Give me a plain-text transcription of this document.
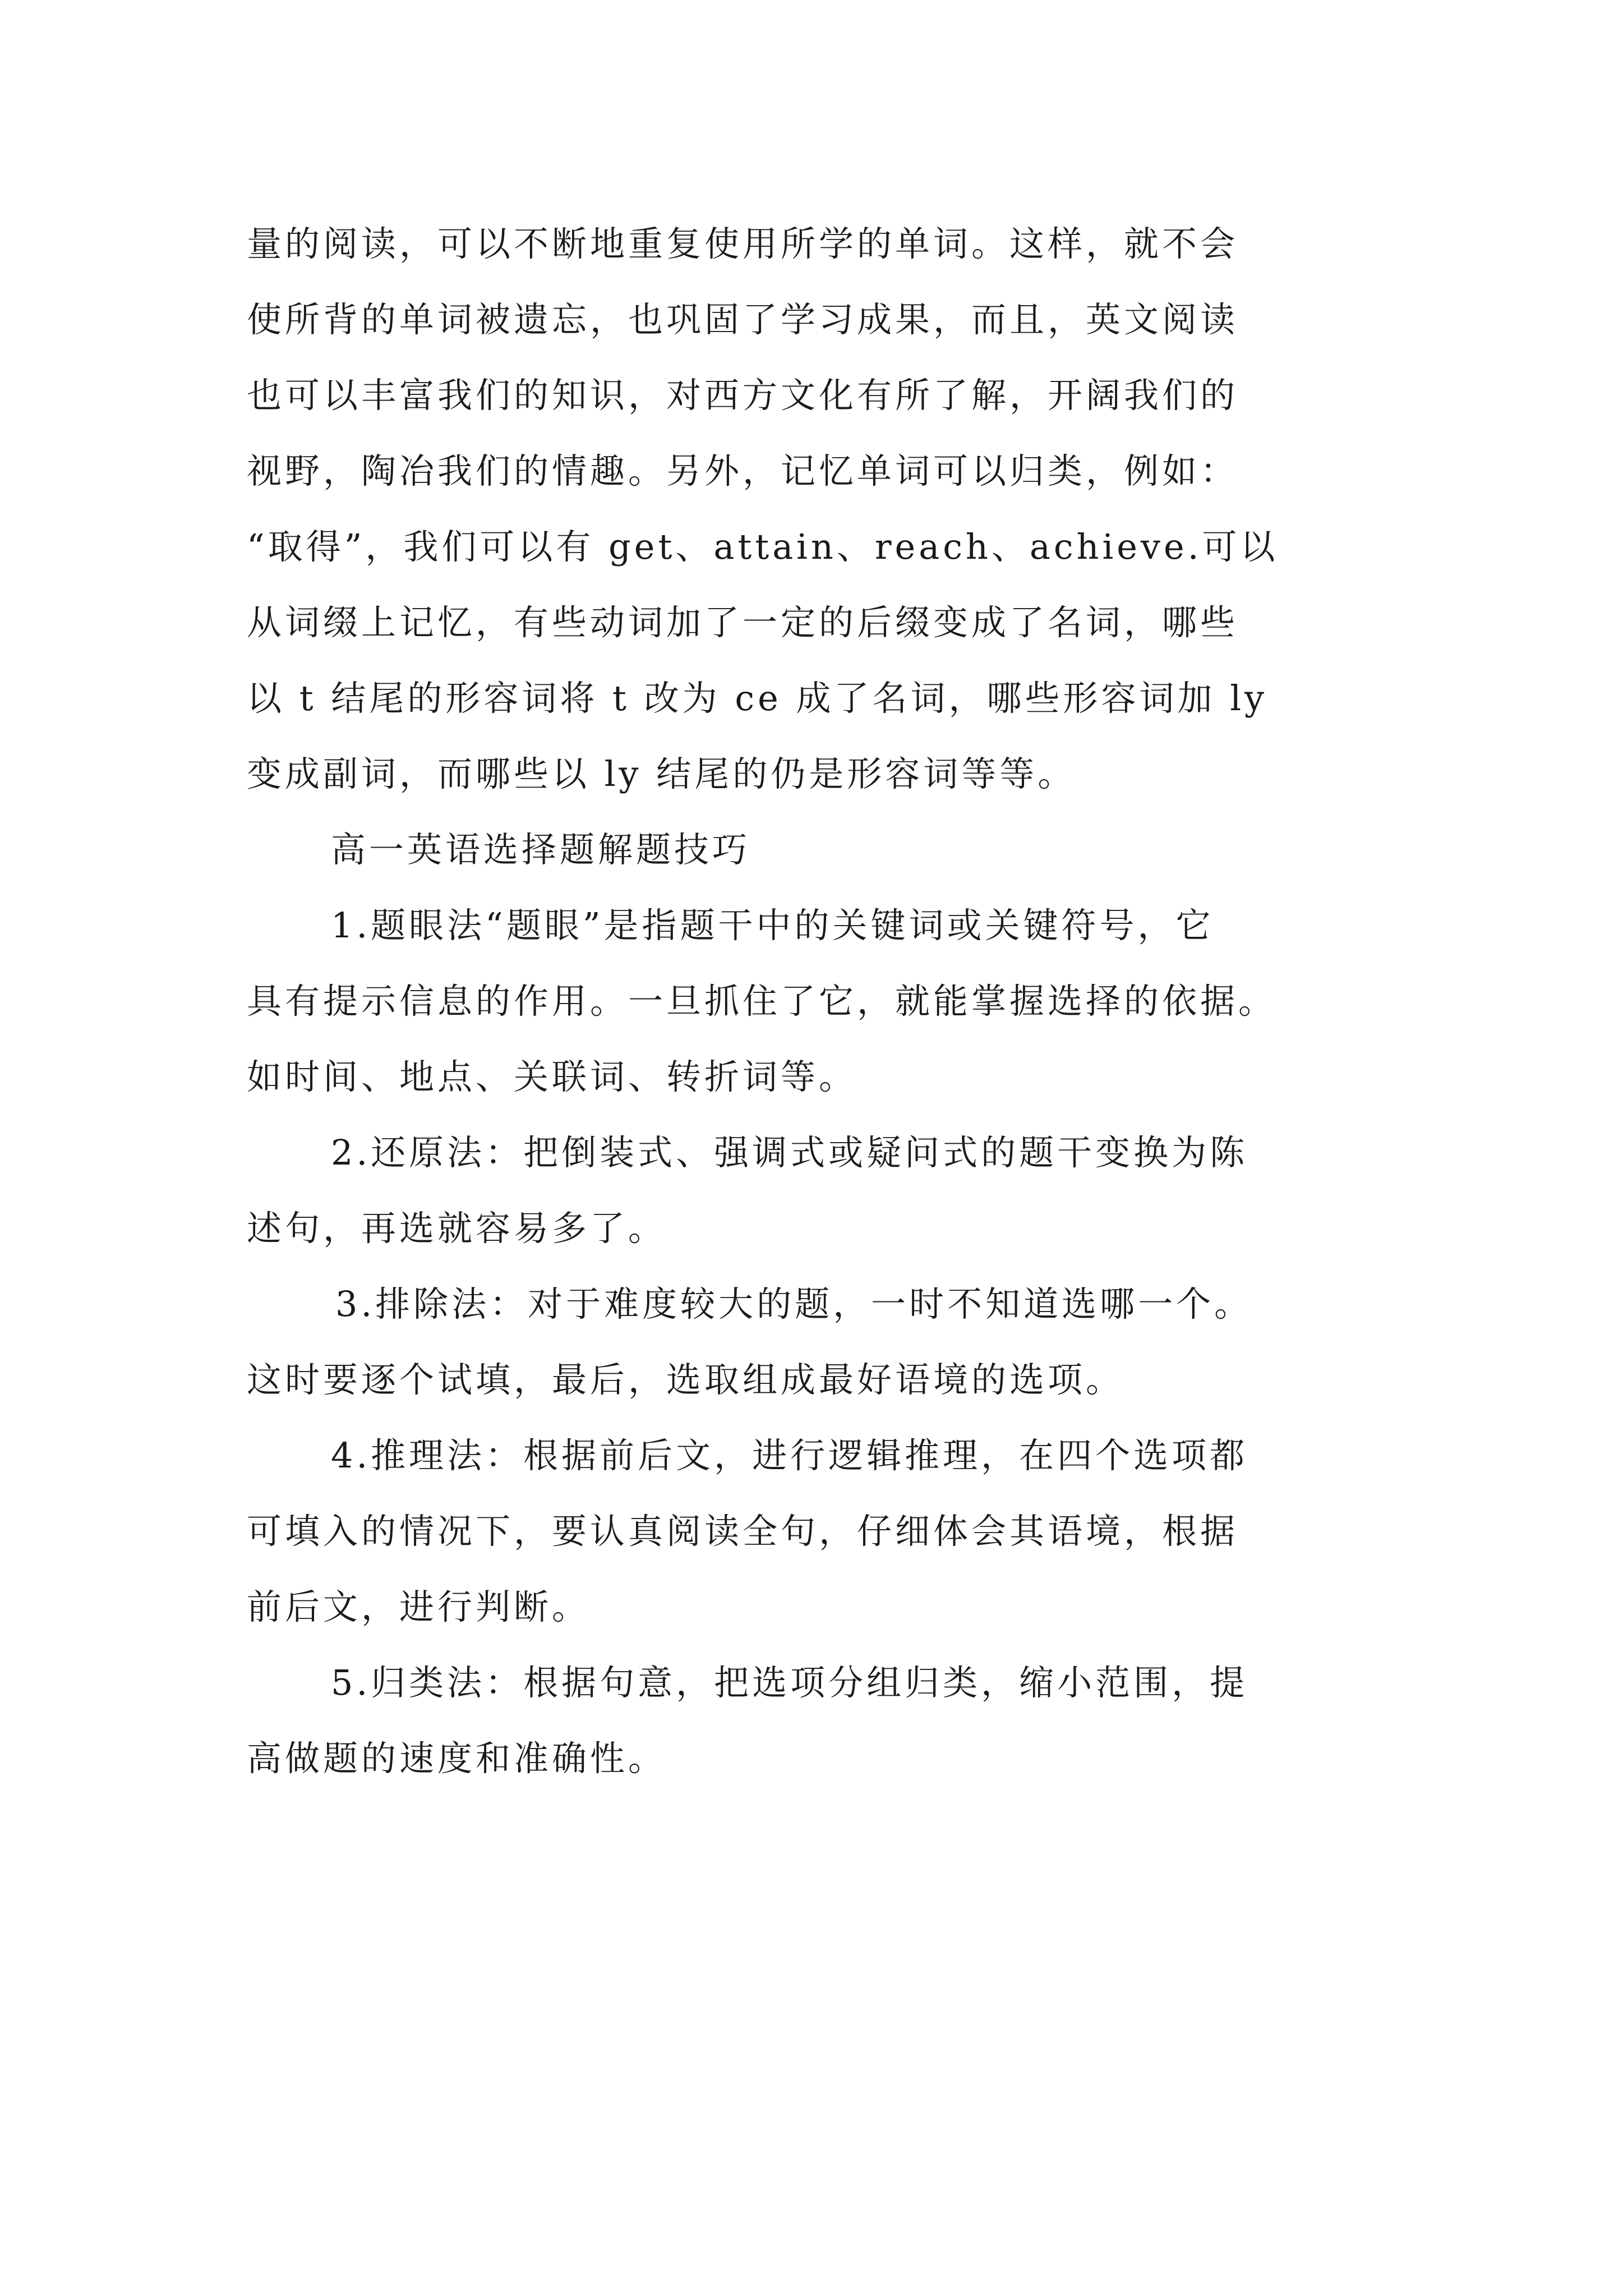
量的阅读，可以不断地重复使用所学的单词。这样，就不会
使所背的单词被遗忘，也巩固了学习成果，而且，英文阅读
也可以丰富我们的知识，对西方文化有所了解，开阔我们的
视野，陶冶我们的情趣。另外，记忆单词可以归类，例如：
“取得”，我们可以有 get、attain、reach、achieve.可以
从词缀上记忆，有些动词加了一定的后缀变成了名词，哪些
以 t 结尾的形容词将 t 改为 ce 成了名词，哪些形容词加 ly
变成副词，而哪些以 ly 结尾的仍是形容词等等。
高一英语选择题解题技巧
1.题眼法“题眼”是指题干中的关键词或关键符号，它
具有提示信息的作用。一旦抓住了它，就能掌握选择的依据。
如时间、地点、关联词、转折词等。
2.还原法：把倒装式、强调式或疑问式的题干变换为陈
述句，再选就容易多了。
3.排除法：对于难度较大的题，一时不知道选哪一个。
这时要逐个试填，最后，选取组成最好语境的选项。
4.推理法：根据前后文，进行逻辑推理，在四个选项都
可填入的情况下，要认真阅读全句，仔细体会其语境，根据
前后文，进行判断。
5.归类法：根据句意，把选项分组归类，缩小范围，提
高做题的速度和准确性。
